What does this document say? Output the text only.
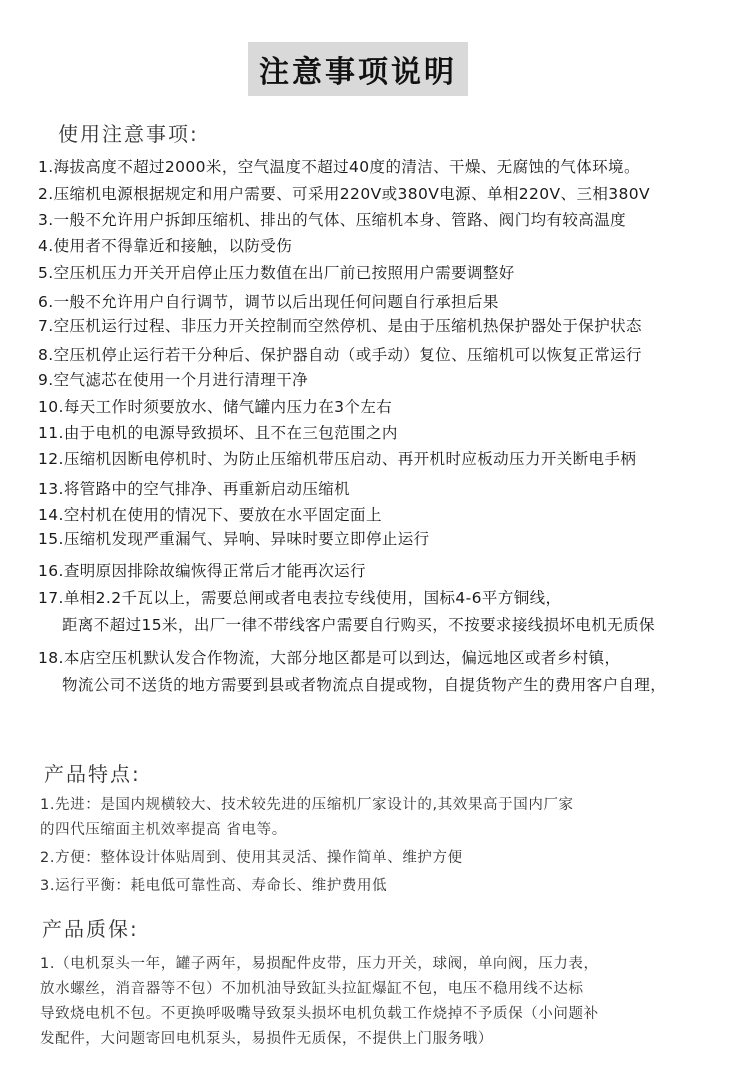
注意事项说明
使用注意事项:
1.海拔高度不超过2000米，空气温度不超过40度的清洁、干燥、无腐蚀的气体环境。
2.压缩机电源根据规定和用户需要、可采用220V或380V电源、单相220V、三相380V
3.一般不允许用户拆卸压缩机、排出的气体、压缩机本身、管路、阀门均有较高温度
4.使用者不得靠近和接触，以防受伤
5.空压机压力开关开启停止压力数值在出厂前已按照用户需要调整好
6.一般不允许用户自行调节，调节以后出现任何问题自行承担后果
7.空压机运行过程、非压力开关控制而空然停机、是由于压缩机热保护器处于保护状态
8.空压机停止运行若干分种后、保护器自动（或手动）复位、压缩机可以恢复正常运行
9.空气滤芯在使用一个月进行清理干净
10.每天工作时须要放水、储气罐内压力在3个左右
11.由于电机的电源导致损坏、且不在三包范围之内
12.压缩机因断电停机时、为防止压缩机带压启动、再开机时应板动压力开关断电手柄
13.将管路中的空气排净、再重新启动压缩机
14.空村机在使用的情况下、要放在水平固定面上
15.压缩机发现严重漏气、异响、异味时要立即停止运行
16.查明原因排除故编恢得正常后才能再次运行
17.单相2.2千瓦以上，需要总闸或者电表拉专线使用，国标4-6平方铜线，
距离不超过15米，出厂一律不带线客户需要自行购买，不按要求接线损坏电机无质保
18.本店空压机默认发合作物流，大部分地区都是可以到达，偏远地区或者乡村镇，
物流公司不送货的地方需要到县或者物流点自提或物，自提货物产生的费用客户自理，
产品特点:
1.先进：是国内规横较大、技术较先进的压缩机厂家设计的,其效果高于国内厂家
的四代压缩面主机效率提高 省电等。
2.方便：整体设计体贴周到、使用其灵活、操作简单、维护方便
3.运行平衡：耗电低可靠性高、寿命长、维护费用低
产品质保:
1.（电机泵头一年，罐子两年，易损配件皮带，压力开关，球阀，单向阀，压力表，
放水螺丝，消音器等不包）不加机油导致缸头拉缸爆缸不包，电压不稳用线不达标
导致烧电机不包。不更换呼吸嘴导致泵头损坏电机负载工作烧掉不予质保（小问题补
发配件，大问题寄回电机泵头，易损件无质保，不提供上门服务哦）
